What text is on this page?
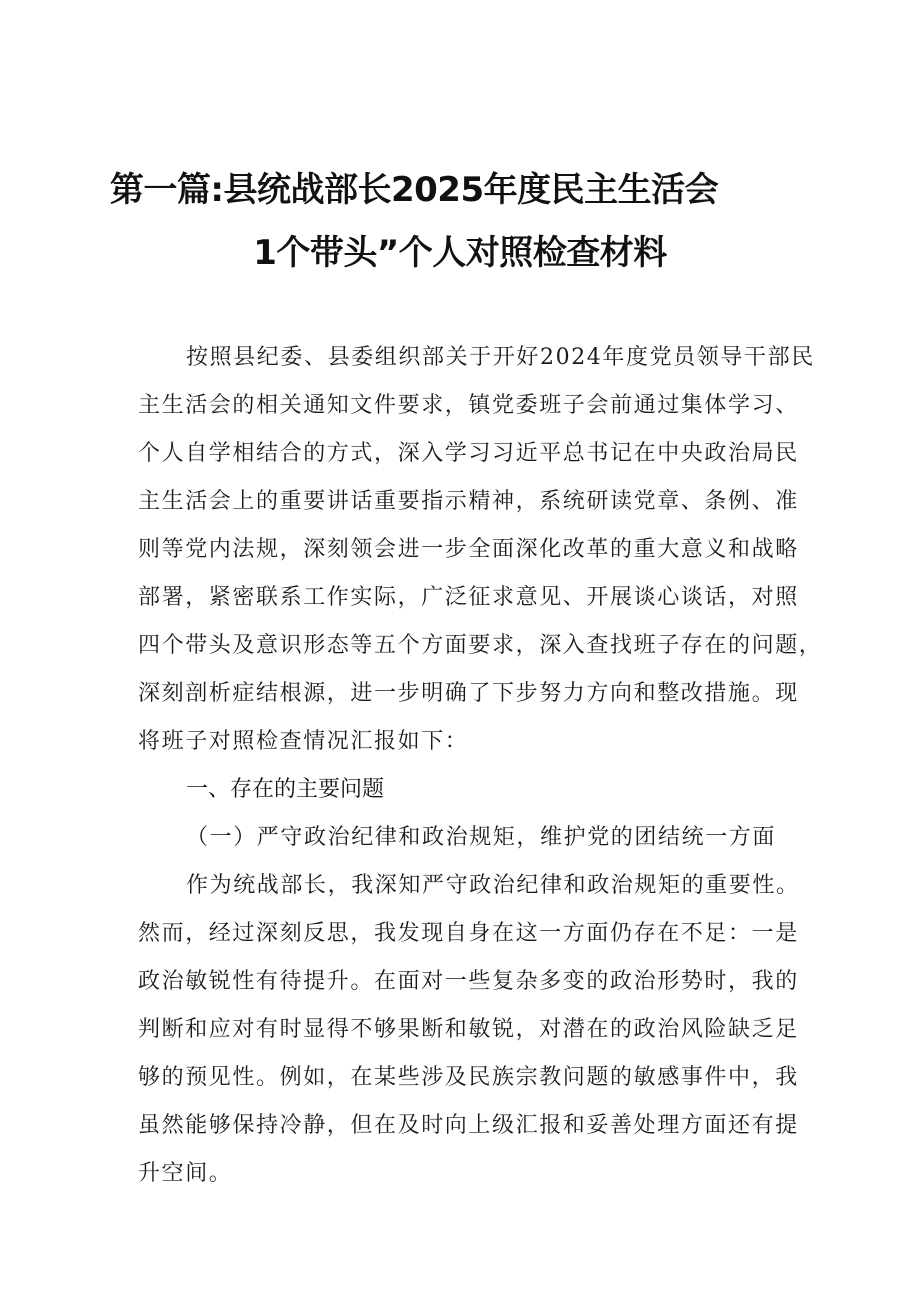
第一篇:县统战部长2025年度民主生活会
1个带头”个人对照检查材料
按照县纪委、县委组织部关于开好2024年度党员领导干部民
主生活会的相关通知文件要求，镇党委班子会前通过集体学习、
个人自学相结合的方式，深入学习习近平总书记在中央政治局民
主生活会上的重要讲话重要指示精神，系统研读党章、条例、准
则等党内法规，深刻领会进一步全面深化改革的重大意义和战略
部署，紧密联系工作实际，广泛征求意见、开展谈心谈话，对照
四个带头及意识形态等五个方面要求，深入查找班子存在的问题，
深刻剖析症结根源，进一步明确了下步努力方向和整改措施。现
将班子对照检查情况汇报如下：
一、存在的主要问题
（一）严守政治纪律和政治规矩，维护党的团结统一方面
作为统战部长，我深知严守政治纪律和政治规矩的重要性。
然而，经过深刻反思，我发现自身在这一方面仍存在不足：一是
政治敏锐性有待提升。在面对一些复杂多变的政治形势时，我的
判断和应对有时显得不够果断和敏锐，对潜在的政治风险缺乏足
够的预见性。例如，在某些涉及民族宗教问题的敏感事件中，我
虽然能够保持冷静，但在及时向上级汇报和妥善处理方面还有提
升空间。
